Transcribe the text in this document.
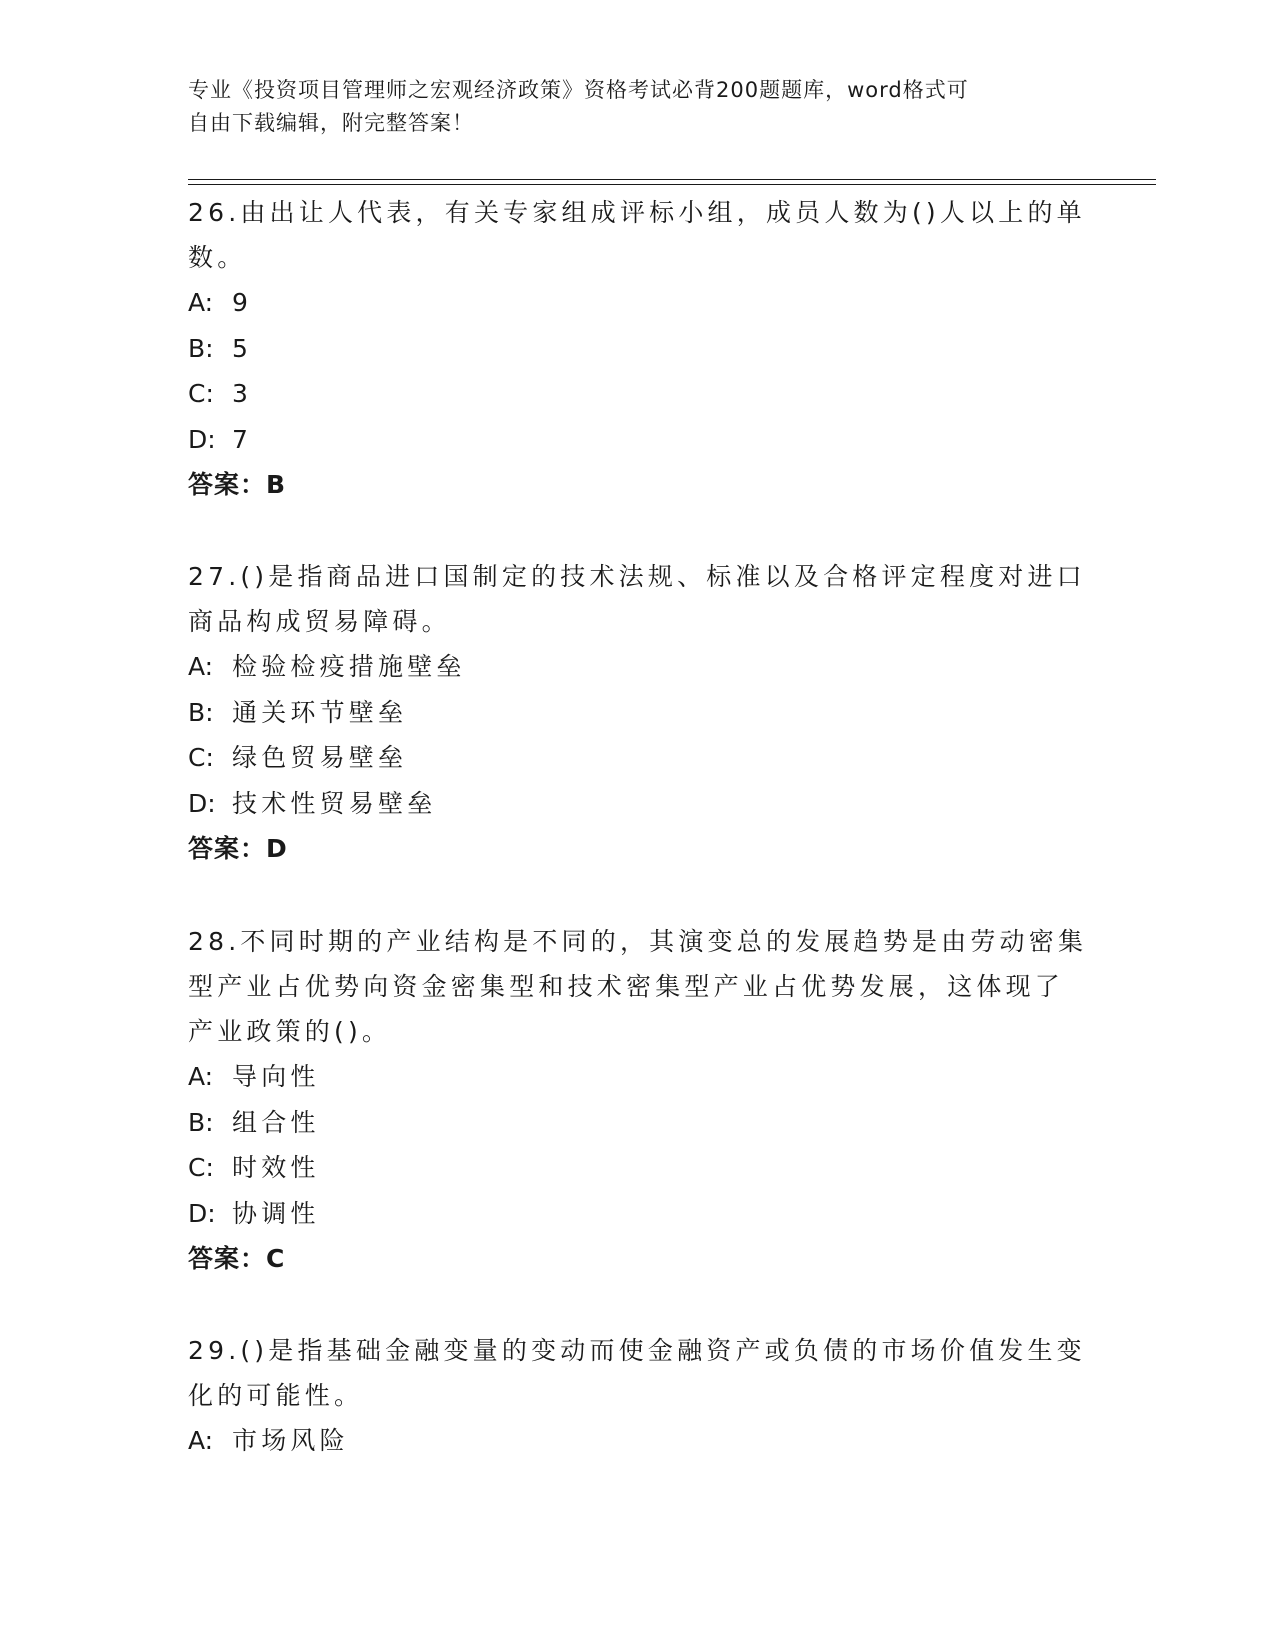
专业《投资项目管理师之宏观经济政策》资格考试必背200题题库，word格式可
自由下载编辑，附完整答案！

26.由出让人代表，有关专家组成评标小组，成员人数为()人以上的单
数。

A: 9

B: 5

C: 3

D: 7

答案：B

27.()是指商品进口国制定的技术法规、标准以及合格评定程度对进口
商品构成贸易障碍。

A: 检验检疫措施壁垒

B: 通关环节壁垒

C: 绿色贸易壁垒

D: 技术性贸易壁垒

答案：D

28.不同时期的产业结构是不同的，其演变总的发展趋势是由劳动密集
型产业占优势向资金密集型和技术密集型产业占优势发展，这体现了
产业政策的()。

A: 导向性

B: 组合性

C: 时效性

D: 协调性

答案：C

29.()是指基础金融变量的变动而使金融资产或负债的市场价值发生变
化的可能性。

A: 市场风险
